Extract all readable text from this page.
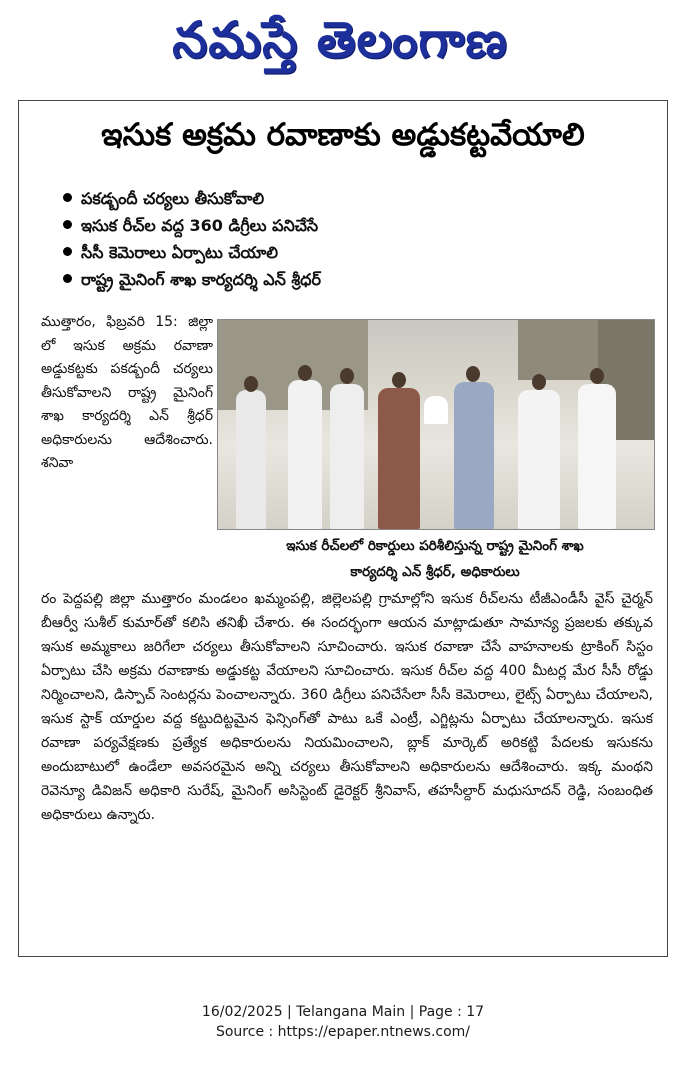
నమస్తే తెలంగాణ
ఇసుక అక్రమ రవాణాకు అడ్డుకట్టవేయాలి
పకడ్బందీ చర్యలు తీసుకోవాలి
ఇసుక రీచ్‌ల వద్ద 360 డిగ్రీలు పనిచేసే
సీసీ కెమెరాలు ఏర్పాటు చేయాలి
రాష్ట్ర మైనింగ్ శాఖ కార్యదర్శి ఎన్ శ్రీధర్

ముత్తారం, ఫిబ్రవరి 15: జిల్లా లో ఇసుక అక్రమ రవాణా అడ్డుకట్టకు పకడ్బందీ చర్యలు తీసుకోవాలని రాష్ట్ర మైనింగ్ శాఖ కార్యదర్శి ఎన్ శ్రీధర్ అధికారులను ఆదేశించారు. శనివా

ఇసుక రీచ్‌లలో రికార్డులు పరిశీలిస్తున్న రాష్ట్ర మైనింగ్ శాఖ
కార్యదర్శి ఎన్ శ్రీధర్, అధికారులు

రం పెద్దపల్లి జిల్లా ముత్తారం మండలం ఖమ్మంపల్లి, జిల్లెలపల్లి గ్రామాల్లోని ఇసుక రీచ్‌లను టీజీఎండీసీ వైస్ చైర్మన్ బీఆర్వీ సుశీల్ కుమార్‌తో కలిసి తనిఖీ చేశారు. ఈ సందర్భంగా ఆయన మాట్లాడుతూ సామాన్య ప్రజలకు తక్కువ ఇసుక అమ్మకాలు జరిగేలా చర్యలు తీసుకోవాలని సూచించారు. ఇసుక రవాణా చేసే వాహనాలకు ట్రాకింగ్ సిస్టం ఏర్పాటు చేసి అక్రమ రవాణాకు అడ్డుకట్ట వేయాలని సూచించారు. ఇసుక రీచ్‌ల వద్ద 400 మీటర్ల మేర సీసీ రోడ్డు నిర్మించాలని, డిస్పాచ్ సెంటర్లను పెంచాలన్నారు. 360 డిగ్రీలు పనిచేసేలా సీసీ కెమెరాలు, లైట్స్ ఏర్పాటు చేయాలని, ఇసుక స్టాక్ యార్డుల వద్ద కట్టుదిట్టమైన ఫెన్సింగ్‌తో పాటు ఒకే ఎంట్రీ, ఎగ్జిట్లను ఏర్పాటు చేయాలన్నారు. ఇసుక రవాణా పర్యవేక్షణకు ప్రత్యేక అధికారులను నియమించాలని, బ్లాక్ మార్కెట్ అరికట్టి పేదలకు ఇసుకను అందుబాటులో ఉండేలా అవసరమైన అన్ని చర్యలు తీసుకోవాలని అధికారులను ఆదేశించారు. ఇక్క మంథని రెవెన్యూ డివిజన్ అధికారి సురేష్, మైనింగ్ అసిస్టెంట్ డైరెక్టర్ శ్రీనివాస్, తహసీల్దార్ మధుసూదన్ రెడ్డి, సంబంధిత అధికారులు ఉన్నారు.

16/02/2025 | Telangana Main | Page : 17
Source : https://epaper.ntnews.com/
